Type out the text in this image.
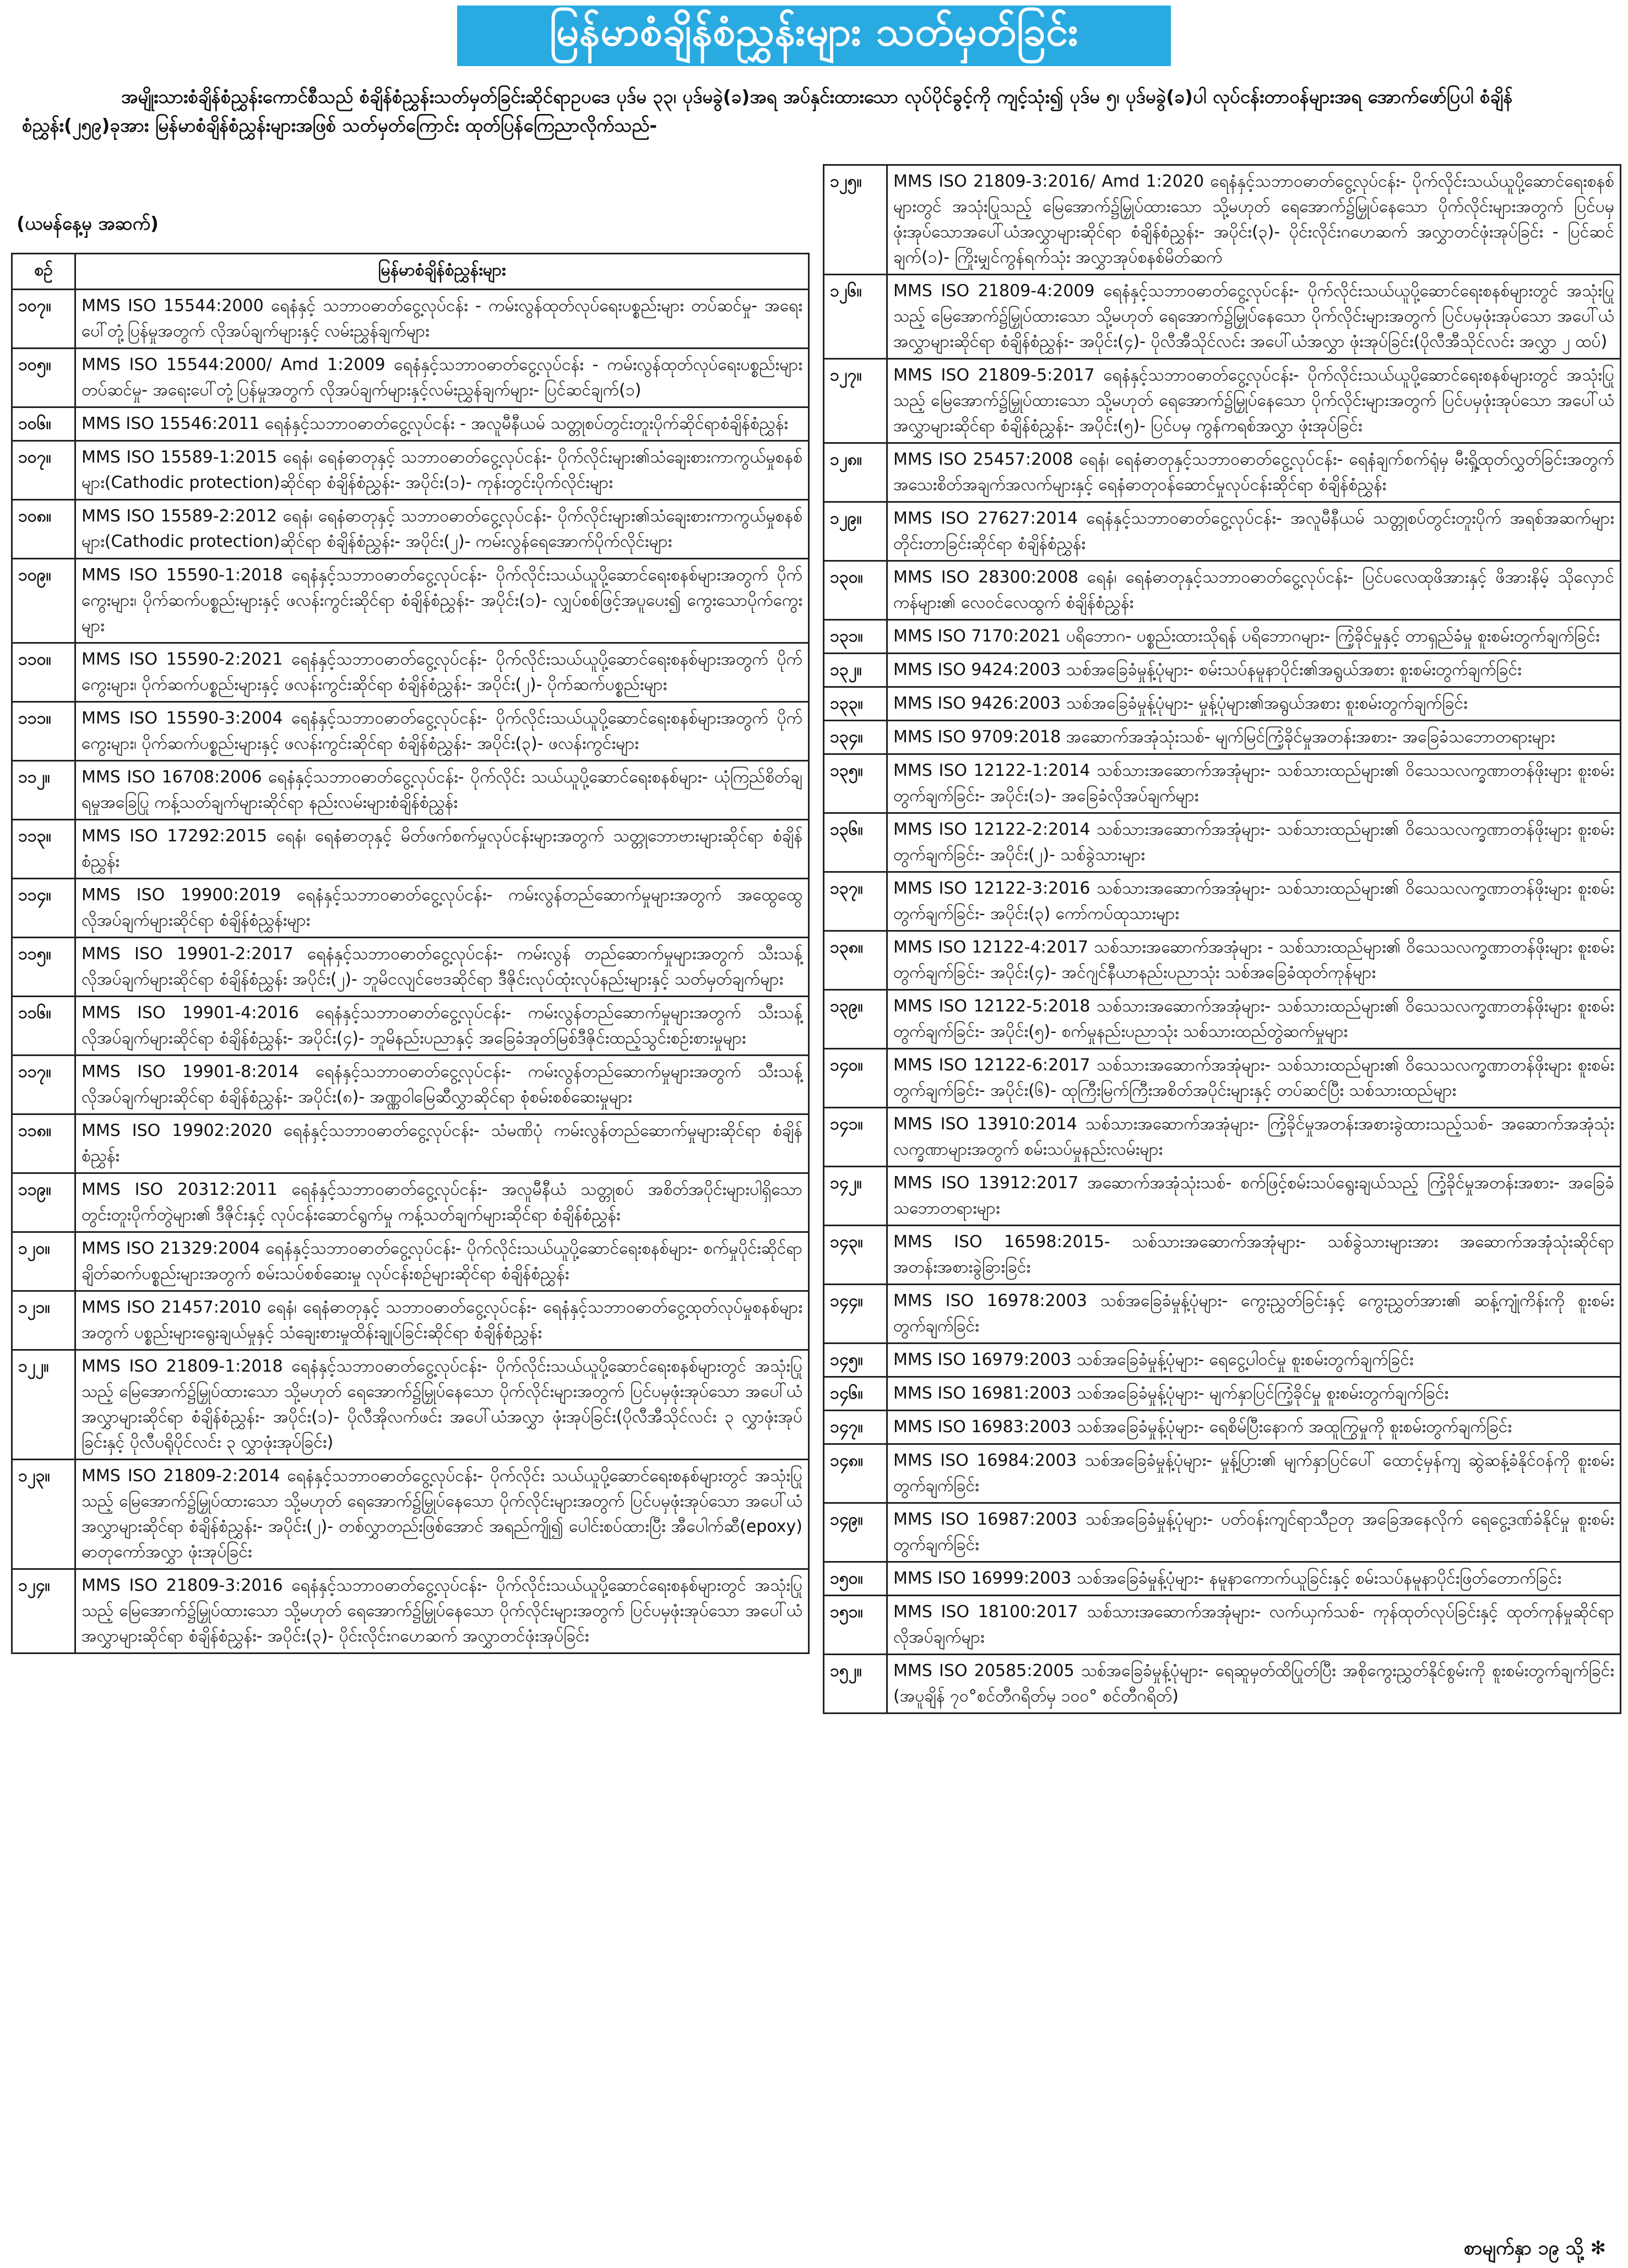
မြန်မာစံချိန်စံညွှန်းများ သတ်မှတ်ခြင်း
အမျိုးသားစံချိန်စံညွှန်းကောင်စီသည် စံချိန်စံညွှန်းသတ်မှတ်ခြင်းဆိုင်ရာဥပဒေ ပုဒ်မ ၃၃၊ ပုဒ်မခွဲ(ခ)အရ အပ်နှင်းထားသော လုပ်ပိုင်ခွင့်ကို ကျင့်သုံး၍ ပုဒ်မ ၅၊ ပုဒ်မခွဲ(ခ)ပါ လုပ်ငန်းတာဝန်များအရ အောက်ဖော်ပြပါ စံချိန်စံညွှန်း(၂၅၉)ခုအား မြန်မာစံချိန်စံညွှန်းများအဖြစ် သတ်မှတ်ကြောင်း ထုတ်ပြန်ကြေညာလိုက်သည်-
(ယမန်နေ့မှ အဆက်)
စဉ်	မြန်မာစံချိန်စံညွှန်းများ
၁၀၇။	MMS ISO 15544:2000 ရေနံနှင့် သဘာဝဓာတ်ငွေ့လုပ်ငန်း - ကမ်းလွန်ထုတ်လုပ်ရေးပစ္စည်းများ တပ်ဆင်မှု- အရေးပေါ်တုံ့ပြန်မှုအတွက် လိုအပ်ချက်များနှင့် လမ်းညွှန်ချက်များ
၁၀၅။	MMS ISO 15544:2000/ Amd 1:2009 ရေနံနှင့်သဘာဝဓာတ်ငွေ့လုပ်ငန်း - ကမ်းလွန်ထုတ်လုပ်ရေးပစ္စည်းများတပ်ဆင်မှု- အရေးပေါ်တုံ့ပြန်မှုအတွက် လိုအပ်ချက်များနှင့်လမ်းညွှန်ချက်များ- ပြင်ဆင်ချက်(၁)
၁၀၆။	MMS ISO 15546:2011 ရေနံနှင့်သဘာဝဓာတ်ငွေ့လုပ်ငန်း - အလူမီနီယမ် သတ္တုစပ်တွင်းတူးပိုက်ဆိုင်ရာစံချိန်စံညွှန်း
၁၀၇။	MMS ISO 15589-1:2015 ရေနံ၊ ရေနံဓာတုနှင့် သဘာဝဓာတ်ငွေ့လုပ်ငန်း- ပိုက်လိုင်းများ၏သံချေးစားကာကွယ်မှုစနစ်များ(Cathodic protection)ဆိုင်ရာ စံချိန်စံညွှန်း- အပိုင်း(၁)- ကုန်းတွင်းပိုက်လိုင်းများ
၁၀၈။	MMS ISO 15589-2:2012 ရေနံ၊ ရေနံဓာတုနှင့် သဘာဝဓာတ်ငွေ့လုပ်ငန်း- ပိုက်လိုင်းများ၏သံချေးစားကာကွယ်မှုစနစ်များ(Cathodic protection)ဆိုင်ရာ စံချိန်စံညွှန်း- အပိုင်း(၂)- ကမ်းလွန်ရေအောက်ပိုက်လိုင်းများ
၁၀၉။	MMS ISO 15590-1:2018 ရေနံနှင့်သဘာဝဓာတ်ငွေ့လုပ်ငန်း- ပိုက်လိုင်းသယ်ယူပို့ဆောင်ရေးစနစ်များအတွက် ပိုက်ကွေးများ၊ ပိုက်ဆက်ပစ္စည်းများနှင့် ဖလန်းကွင်းဆိုင်ရာ စံချိန်စံညွှန်း- အပိုင်း(၁)- လျှပ်စစ်ဖြင့်အပူပေး၍ ကွေးသောပိုက်ကွေးများ
၁၁၀။	MMS ISO 15590-2:2021 ရေနံနှင့်သဘာဝဓာတ်ငွေ့လုပ်ငန်း- ပိုက်လိုင်းသယ်ယူပို့ဆောင်ရေးစနစ်များအတွက် ပိုက်ကွေးများ၊ ပိုက်ဆက်ပစ္စည်းများနှင့် ဖလန်းကွင်းဆိုင်ရာ စံချိန်စံညွှန်း- အပိုင်း(၂)- ပိုက်ဆက်ပစ္စည်းများ
၁၁၁။	MMS ISO 15590-3:2004 ရေနံနှင့်သဘာဝဓာတ်ငွေ့လုပ်ငန်း- ပိုက်လိုင်းသယ်ယူပို့ဆောင်ရေးစနစ်များအတွက် ပိုက်ကွေးများ၊ ပိုက်ဆက်ပစ္စည်းများနှင့် ဖလန်းကွင်းဆိုင်ရာ စံချိန်စံညွှန်း- အပိုင်း(၃)- ဖလန်းကွင်းများ
၁၁၂။	MMS ISO 16708:2006 ရေနံနှင့်သဘာဝဓာတ်ငွေ့လုပ်ငန်း- ပိုက်လိုင်း သယ်ယူပို့ဆောင်ရေးစနစ်များ- ယုံကြည်စိတ်ချရမှုအခြေပြု ကန့်သတ်ချက်များဆိုင်ရာ နည်းလမ်းများစံချိန်စံညွှန်း
၁၁၃။	MMS ISO 17292:2015 ရေနံ၊ ရေနံဓာတုနှင့် မိတ်ဖက်စက်မှုလုပ်ငန်းများအတွက် သတ္တုဘောဗားများဆိုင်ရာ စံချိန်စံညွှန်း
၁၁၄။	MMS ISO 19900:2019 ရေနံနှင့်သဘာဝဓာတ်ငွေ့လုပ်ငန်း- ကမ်းလွန်တည်ဆောက်မှုများအတွက် အထွေထွေလိုအပ်ချက်များဆိုင်ရာ စံချိန်စံညွှန်းများ
၁၁၅။	MMS ISO 19901-2:2017 ရေနံနှင့်သဘာဝဓာတ်ငွေ့လုပ်ငန်း- ကမ်းလွန် တည်ဆောက်မှုများအတွက် သီးသန့်လိုအပ်ချက်များဆိုင်ရာ စံချိန်စံညွှန်း အပိုင်း(၂)- ဘူမိငလျင်ဗေဒဆိုင်ရာ ဒီဇိုင်းလုပ်ထုံးလုပ်နည်းများနှင့် သတ်မှတ်ချက်များ
၁၁၆။	MMS ISO 19901-4:2016 ရေနံနှင့်သဘာဝဓာတ်ငွေ့လုပ်ငန်း- ကမ်းလွန်တည်ဆောက်မှုများအတွက် သီးသန့်လိုအပ်ချက်များဆိုင်ရာ စံချိန်စံညွှန်း- အပိုင်း(၄)- ဘူမိနည်းပညာနှင့် အခြေခံအုတ်မြစ်ဒီဇိုင်းထည့်သွင်းစဉ်းစားမှုများ
၁၁၇။	MMS ISO 19901-8:2014 ရေနံနှင့်သဘာဝဓာတ်ငွေ့လုပ်ငန်း- ကမ်းလွန်တည်ဆောက်မှုများအတွက် သီးသန့်လိုအပ်ချက်များဆိုင်ရာ စံချိန်စံညွှန်း- အပိုင်း(၈)- အဏ္ဏဝါမြေဆီလွှာဆိုင်ရာ စုံစမ်းစစ်ဆေးမှုများ
၁၁၈။	MMS ISO 19902:2020 ရေနံနှင့်သဘာဝဓာတ်ငွေ့လုပ်ငန်း- သံမဏိပုံ ကမ်းလွန်တည်ဆောက်မှုများဆိုင်ရာ စံချိန်စံညွှန်း
၁၁၉။	MMS ISO 20312:2011 ရေနံနှင့်သဘာဝဓာတ်ငွေ့လုပ်ငန်း- အလူမီနီယံ သတ္တုစပ် အစိတ်အပိုင်းများပါရှိသော တွင်းတူးပိုက်တွဲများ၏ ဒီဇိုင်းနှင့် လုပ်ငန်းဆောင်ရွက်မှု ကန့်သတ်ချက်များဆိုင်ရာ စံချိန်စံညွှန်း
၁၂၀။	MMS ISO 21329:2004 ရေနံနှင့်သဘာဝဓာတ်ငွေ့လုပ်ငန်း- ပိုက်လိုင်းသယ်ယူပို့ဆောင်ရေးစနစ်များ- စက်မှုပိုင်းဆိုင်ရာ ချိတ်ဆက်ပစ္စည်းများအတွက် စမ်းသပ်စစ်ဆေးမှု လုပ်ငန်းစဉ်များဆိုင်ရာ စံချိန်စံညွှန်း
၁၂၁။	MMS ISO 21457:2010 ရေနံ၊ ရေနံဓာတုနှင့် သဘာဝဓာတ်ငွေ့လုပ်ငန်း- ရေနံနှင့်သဘာဝဓာတ်ငွေ့ထုတ်လုပ်မှုစနစ်များအတွက် ပစ္စည်းများရွေးချယ်မှုနှင့် သံချေးစားမှုထိန်းချုပ်ခြင်းဆိုင်ရာ စံချိန်စံညွှန်း
၁၂၂။	MMS ISO 21809-1:2018 ရေနံနှင့်သဘာဝဓာတ်ငွေ့လုပ်ငန်း- ပိုက်လိုင်းသယ်ယူပို့ဆောင်ရေးစနစ်များတွင် အသုံးပြုသည့် မြေအောက်၌မြှုပ်ထားသော သို့မဟုတ် ရေအောက်၌မြှုပ်နေသော ပိုက်လိုင်းများအတွက် ပြင်ပမှဖုံးအုပ်သော အပေါ်ယံအလွှာများဆိုင်ရာ စံချိန်စံညွှန်း- အပိုင်း(၁)- ပိုလီအိုလက်ဖင်း အပေါ်ယံအလွှာ ဖုံးအုပ်ခြင်း(ပိုလီအီသိုင်လင်း ၃ လွှာဖုံးအုပ်ခြင်းနှင့် ပိုလီပရိုပိုင်လင်း ၃ လွှာဖုံးအုပ်ခြင်း)
၁၂၃။	MMS ISO 21809-2:2014 ရေနံနှင့်သဘာဝဓာတ်ငွေ့လုပ်ငန်း- ပိုက်လိုင်း သယ်ယူပို့ဆောင်ရေးစနစ်များတွင် အသုံးပြုသည့် မြေအောက်၌မြှုပ်ထားသော သို့မဟုတ် ရေအောက်၌မြှုပ်နေသော ပိုက်လိုင်းများအတွက် ပြင်ပမှဖုံးအုပ်သော အပေါ်ယံအလွှာများဆိုင်ရာ စံချိန်စံညွှန်း- အပိုင်း(၂)- တစ်လွှာတည်းဖြစ်အောင် အရည်ကျို၍ ပေါင်းစပ်ထားပြီး အီပေါက်ဆီ(epoxy) ဓာတုကော်အလွှာ ဖုံးအုပ်ခြင်း
၁၂၄။	MMS ISO 21809-3:2016 ရေနံနှင့်သဘာဝဓာတ်ငွေ့လုပ်ငန်း- ပိုက်လိုင်းသယ်ယူပို့ဆောင်ရေးစနစ်များတွင် အသုံးပြုသည့် မြေအောက်၌မြှုပ်ထားသော သို့မဟုတ် ရေအောက်၌မြှုပ်နေသော ပိုက်လိုင်းများအတွက် ပြင်ပမှဖုံးအုပ်သော အပေါ်ယံအလွှာများဆိုင်ရာ စံချိန်စံညွှန်း- အပိုင်း(၃)- ပိုင်းလိုင်းဂဟေဆက် အလွှာတင်ဖုံးအုပ်ခြင်း
၁၂၅။	MMS ISO 21809-3:2016/ Amd 1:2020 ရေနံနှင့်သဘာဝဓာတ်ငွေ့လုပ်ငန်း- ပိုက်လိုင်းသယ်ယူပို့ဆောင်ရေးစနစ်များတွင် အသုံးပြုသည့် မြေအောက်၌မြှုပ်ထားသော သို့မဟုတ် ရေအောက်၌မြှုပ်နေသော ပိုက်လိုင်းများအတွက် ပြင်ပမှ ဖုံးအုပ်သောအပေါ်ယံအလွှာများဆိုင်ရာ စံချိန်စံညွှန်း- အပိုင်း(၃)- ပိုင်းလိုင်းဂဟေဆက် အလွှာတင်ဖုံးအုပ်ခြင်း - ပြင်ဆင်ချက်(၁)- ကြိုးမျှင်ကွန်ရက်သုံး အလွှာအုပ်စနစ်မိတ်ဆက်
၁၂၆။	MMS ISO 21809-4:2009 ရေနံနှင့်သဘာဝဓာတ်ငွေ့လုပ်ငန်း- ပိုက်လိုင်းသယ်ယူပို့ဆောင်ရေးစနစ်များတွင် အသုံးပြုသည့် မြေအောက်၌မြှုပ်ထားသော သို့မဟုတ် ရေအောက်၌မြှုပ်နေသော ပိုက်လိုင်းများအတွက် ပြင်ပမှဖုံးအုပ်သော အပေါ်ယံအလွှာများဆိုင်ရာ စံချိန်စံညွှန်း- အပိုင်း(၄)- ပိုလီအီသိုင်လင်း အပေါ်ယံအလွှာ ဖုံးအုပ်ခြင်း(ပိုလီအီသိုင်လင်း အလွှာ ၂ ထပ်)
၁၂၇။	MMS ISO 21809-5:2017 ရေနံနှင့်သဘာဝဓာတ်ငွေ့လုပ်ငန်း- ပိုက်လိုင်းသယ်ယူပို့ဆောင်ရေးစနစ်များတွင် အသုံးပြုသည့် မြေအောက်၌မြှုပ်ထားသော သို့မဟုတ် ရေအောက်၌မြှုပ်နေသော ပိုက်လိုင်းများအတွက် ပြင်ပမှဖုံးအုပ်သော အပေါ်ယံအလွှာများဆိုင်ရာ စံချိန်စံညွှန်း- အပိုင်း(၅)- ပြင်ပမှ ကွန်ကရစ်အလွှာ ဖုံးအုပ်ခြင်း
၁၂၈။	MMS ISO 25457:2008 ရေနံ၊ ရေနံဓာတုနှင့်သဘာဝဓာတ်ငွေ့လုပ်ငန်း- ရေနံချက်စက်ရုံမှ မီးရှို့ထုတ်လွှတ်ခြင်းအတွက် အသေးစိတ်အချက်အလက်များနှင့် ရေနံဓာတုဝန်ဆောင်မှုလုပ်ငန်းဆိုင်ရာ စံချိန်စံညွှန်း
၁၂၉။	MMS ISO 27627:2014 ရေနံနှင့်သဘာဝဓာတ်ငွေ့လုပ်ငန်း- အလူမီနီယမ် သတ္တုစပ်တွင်းတူးပိုက် အရစ်အဆက်များ တိုင်းတာခြင်းဆိုင်ရာ စံချိန်စံညွှန်း
၁၃၀။	MMS ISO 28300:2008 ရေနံ၊ ရေနံဓာတုနှင့်သဘာဝဓာတ်ငွေ့လုပ်ငန်း- ပြင်ပလေထုဖိအားနှင့် ဖိအားနိမ့် သိုလှောင်ကန်များ၏ လေဝင်လေထွက် စံချိန်စံညွှန်း
၁၃၁။	MMS ISO 7170:2021 ပရိဘောဂ- ပစ္စည်းထားသိုရန် ပရိဘောဂများ- ကြံ့ခိုင်မှုနှင့် တာရှည်ခံမှု စူးစမ်းတွက်ချက်ခြင်း
၁၃၂။	MMS ISO 9424:2003 သစ်အခြေခံမှုန့်ပုံများ- စမ်းသပ်နမူနာပိုင်း၏အရွယ်အစား စူးစမ်းတွက်ချက်ခြင်း
၁၃၃။	MMS ISO 9426:2003 သစ်အခြေခံမှုန့်ပုံများ- မှုန့်ပုံများ၏အရွယ်အစား စူးစမ်းတွက်ချက်ခြင်း
၁၃၄။	MMS ISO 9709:2018 အဆောက်အအုံသုံးသစ်- မျက်မြင်ကြံ့ခိုင်မှုအတန်းအစား- အခြေခံသဘောတရားများ
၁၃၅။	MMS ISO 12122-1:2014 သစ်သားအဆောက်အအုံများ- သစ်သားထည်များ၏ ဝိသေသလက္ခဏာတန်ဖိုးများ စူးစမ်းတွက်ချက်ခြင်း- အပိုင်း(၁)- အခြေခံလိုအပ်ချက်များ
၁၃၆။	MMS ISO 12122-2:2014 သစ်သားအဆောက်အအုံများ- သစ်သားထည်များ၏ ဝိသေသလက္ခဏာတန်ဖိုးများ စူးစမ်းတွက်ချက်ခြင်း- အပိုင်း(၂)- သစ်ခွဲသားများ
၁၃၇။	MMS ISO 12122-3:2016 သစ်သားအဆောက်အအုံများ- သစ်သားထည်များ၏ ဝိသေသလက္ခဏာတန်ဖိုးများ စူးစမ်းတွက်ချက်ခြင်း- အပိုင်း(၃) ကော်ကပ်ထုသားများ
၁၃၈။	MMS ISO 12122-4:2017 သစ်သားအဆောက်အအုံများ - သစ်သားထည်များ၏ ဝိသေသလက္ခဏာတန်ဖိုးများ စူးစမ်းတွက်ချက်ခြင်း- အပိုင်း(၄)- အင်ဂျင်နီယာနည်းပညာသုံး သစ်အခြေခံထုတ်ကုန်များ
၁၃၉။	MMS ISO 12122-5:2018 သစ်သားအဆောက်အအုံများ- သစ်သားထည်များ၏ ဝိသေသလက္ခဏာတန်ဖိုးများ စူးစမ်းတွက်ချက်ခြင်း- အပိုင်း(၅)- စက်မှုနည်းပညာသုံး သစ်သားထည်တွဲဆက်မှုများ
၁၄၀။	MMS ISO 12122-6:2017 သစ်သားအဆောက်အအုံများ- သစ်သားထည်များ၏ ဝိသေသလက္ခဏာတန်ဖိုးများ စူးစမ်းတွက်ချက်ခြင်း- အပိုင်း(၆)- ထုကြီးမြက်ကြီးအစိတ်အပိုင်းများနှင့် တပ်ဆင်ပြီး သစ်သားထည်များ
၁၄၁။	MMS ISO 13910:2014 သစ်သားအဆောက်အအုံများ- ကြံ့ခိုင်မှုအတန်းအစားခွဲထားသည့်သစ်- အဆောက်အအုံသုံး လက္ခဏာများအတွက် စမ်းသပ်မှုနည်းလမ်းများ
၁၄၂။	MMS ISO 13912:2017 အဆောက်အအုံသုံးသစ်- စက်ဖြင့်စမ်းသပ်ရွေးချယ်သည့် ကြံ့ခိုင်မှုအတန်းအစား- အခြေခံသဘောတရားများ
၁၄၃။	MMS ISO 16598:2015- သစ်သားအဆောက်အအုံများ- သစ်ခွဲသားများအား အဆောက်အအုံသုံးဆိုင်ရာ အတန်းအစားခွဲခြားခြင်း
၁၄၄။	MMS ISO 16978:2003 သစ်အခြေခံမှုန့်ပုံများ- ကွေးညွှတ်ခြင်းနှင့် ကွေးညွှတ်အား၏ ဆန့်ကျုံကိန်းကို စူးစမ်းတွက်ချက်ခြင်း
၁၄၅။	MMS ISO 16979:2003 သစ်အခြေခံမှုန့်ပုံများ- ရေငွေ့ပါဝင်မှု စူးစမ်းတွက်ချက်ခြင်း
၁၄၆။	MMS ISO 16981:2003 သစ်အခြေခံမှုန့်ပုံများ- မျက်နှာပြင်ကြံ့ခိုင်မှု စူးစမ်းတွက်ချက်ခြင်း
၁၄၇။	MMS ISO 16983:2003 သစ်အခြေခံမှုန့်ပုံများ- ရေစိမ်ပြီးနောက် အထူကြွမှုကို စူးစမ်းတွက်ချက်ခြင်း
၁၄၈။	MMS ISO 16984:2003 သစ်အခြေခံမှုန့်ပုံများ- မှုန့်ပြား၏ မျက်နှာပြင်ပေါ် ထောင့်မှန်ကျ ဆွဲဆန့်ခံနိုင်ဝန်ကို စူးစမ်းတွက်ချက်ခြင်း
၁၄၉။	MMS ISO 16987:2003 သစ်အခြေခံမှုန့်ပုံများ- ပတ်ဝန်းကျင်ရာသီဥတု အခြေအနေလိုက် ရေငွေ့ဒဏ်ခံနိုင်မှု စူးစမ်းတွက်ချက်ခြင်း
၁၅၀။	MMS ISO 16999:2003 သစ်အခြေခံမှုန့်ပုံများ- နမူနာကောက်ယူခြင်းနှင့် စမ်းသပ်နမူနာပိုင်းဖြတ်တောက်ခြင်း
၁၅၁။	MMS ISO 18100:2017 သစ်သားအဆောက်အအုံများ- လက်ယှက်သစ်- ကုန်ထုတ်လုပ်ခြင်းနှင့် ထုတ်ကုန်မှုဆိုင်ရာလိုအပ်ချက်များ
၁၅၂။	MMS ISO 20585:2005 သစ်အခြေခံမှုန့်ပုံများ- ရေဆူမှတ်ထိပြုတ်ပြီး အစိုကွေးညွှတ်နိုင်စွမ်းကို စူးစမ်းတွက်ချက်ခြင်း (အပူချိန် ၇၀°စင်တီဂရိတ်မှ ၁၀၀° စင်တီဂရိတ်)
စာမျက်နှာ ၁၉ သို့ ✻
